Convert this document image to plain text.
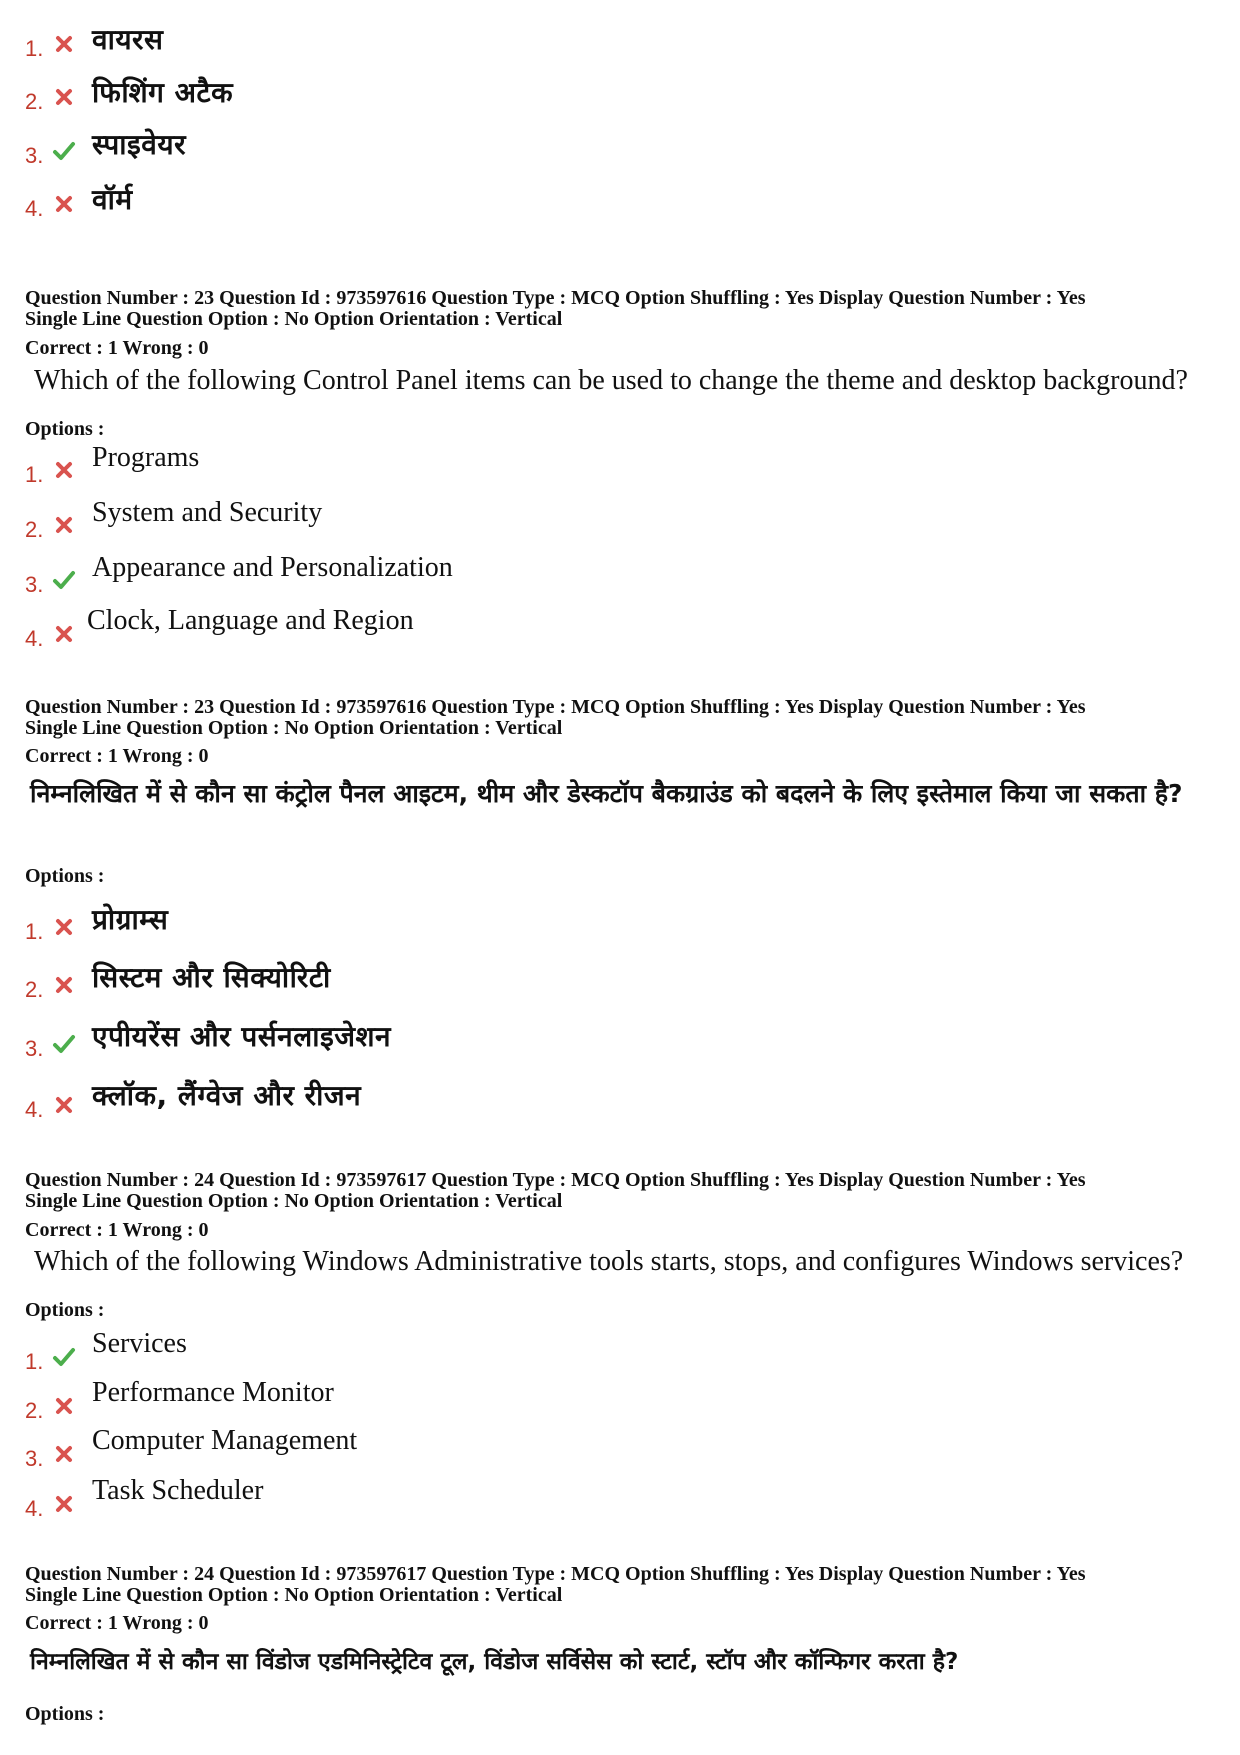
1. वायरस
2. फिशिंग अटैक
3. स्पाइवेयर
4. वॉर्म
Question Number : 23 Question Id : 973597616 Question Type : MCQ Option Shuffling : Yes Display Question Number : Yes
Single Line Question Option : No Option Orientation : Vertical
Correct : 1 Wrong : 0
Which of the following Control Panel items can be used to change the theme and desktop background?
Options :
1.
Programs
2.
System and Security
3.
Appearance and Personalization
4.
Clock, Language and Region
Question Number : 23 Question Id : 973597616 Question Type : MCQ Option Shuffling : Yes Display Question Number : Yes
Single Line Question Option : No Option Orientation : Vertical
Correct : 1 Wrong : 0
निम्नलिखित में से कौन सा कंट्रोल पैनल आइटम, थीम और डेस्कटॉप बैकग्राउंड को बदलने के लिए इस्तेमाल किया जा सकता है?
Options :
1. प्रोग्राम्स
2. सिस्टम और सिक्योरिटी
3. एपीयरेंस और पर्सनलाइजेशन
4. क्लॉक, लैंग्वेज और रीजन
Question Number : 24 Question Id : 973597617 Question Type : MCQ Option Shuffling : Yes Display Question Number : Yes
Single Line Question Option : No Option Orientation : Vertical
Correct : 1 Wrong : 0
Which of the following Windows Administrative tools starts, stops, and configures Windows services?
Options :
1.
Services
2.
Performance Monitor
3.
Computer Management
4.
Task Scheduler
Question Number : 24 Question Id : 973597617 Question Type : MCQ Option Shuffling : Yes Display Question Number : Yes
Single Line Question Option : No Option Orientation : Vertical
Correct : 1 Wrong : 0
निम्नलिखित में से कौन सा विंडोज एडमिनिस्ट्रेटिव टूल, विंडोज सर्विसेस को स्टार्ट, स्टॉप और कॉन्फिगर करता है?
Options :
